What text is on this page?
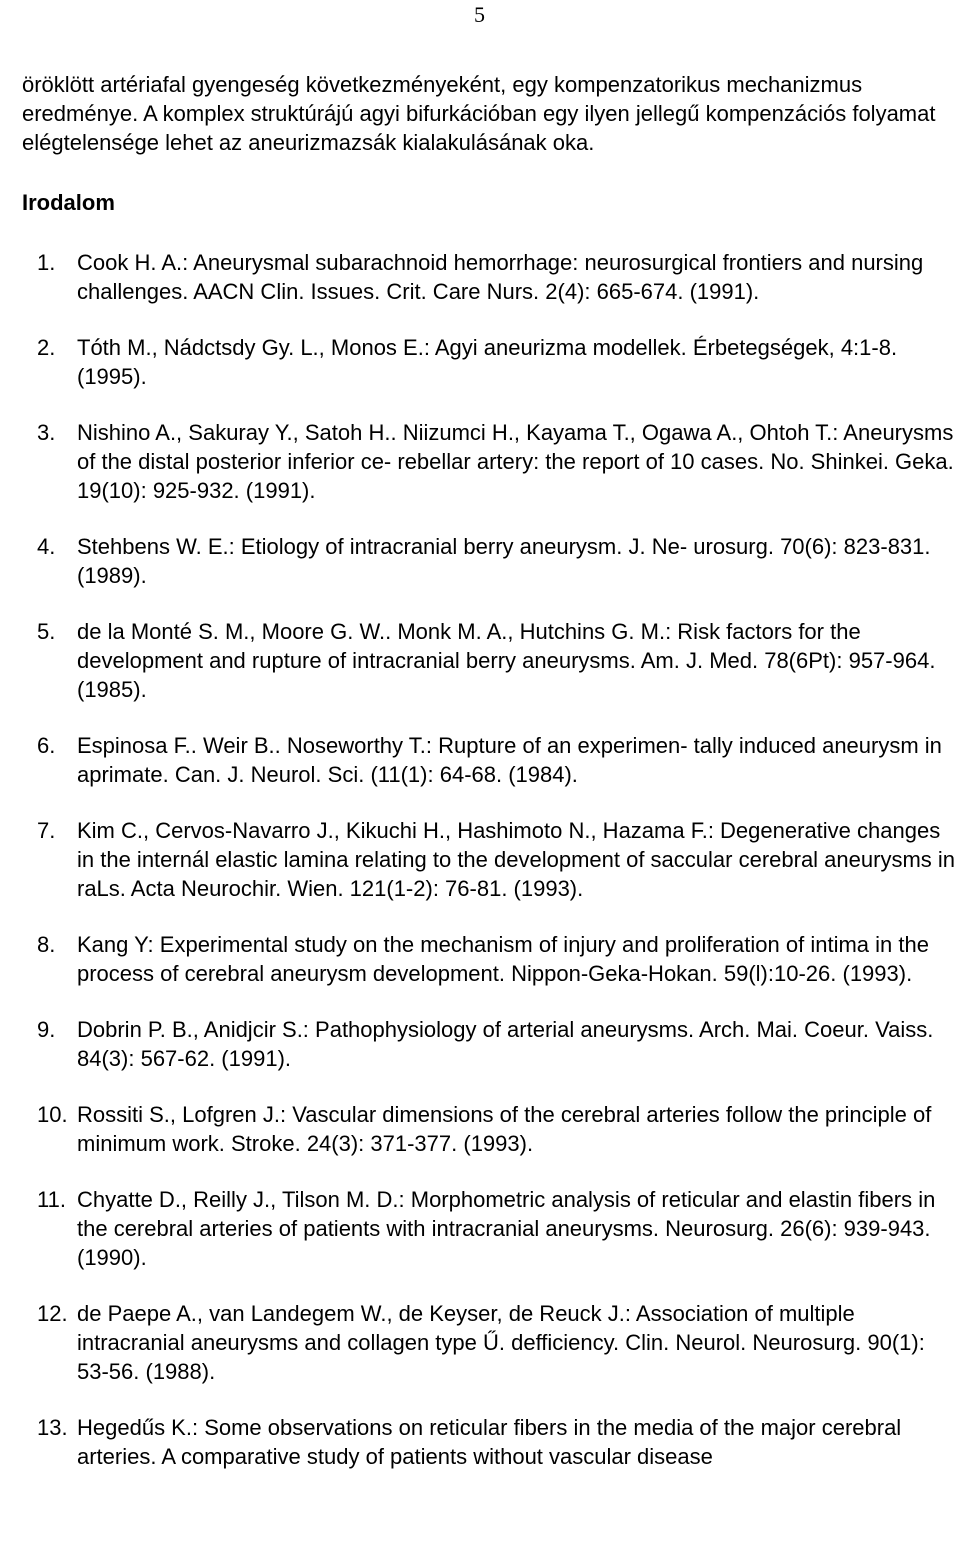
5

öröklött artériafal gyengeség következményeként, egy kompenzatorikus mechanizmus eredménye. A komplex struktúrájú agyi bifurkációban egy ilyen jellegű kompenzációs folyamat elégtelensége lehet az aneurizmazsák kialakulásának oka.

Irodalom
1. Cook H. A.: Aneurysmal subarachnoid hemorrhage: neurosurgical frontiers and nursing challenges. AACN Clin. Issues. Crit. Care Nurs. 2(4): 665-674. (1991).
2. Tóth M., Nádctsdy Gy. L., Monos E.: Agyi aneurizma modellek. Érbetegségek, 4:1-8. (1995).
3. Nishino A., Sakuray Y., Satoh H.. Niizumci H., Kayama T., Ogawa A., Ohtoh T.: Aneurysms of the distal posterior inferior ce- rebellar artery: the report of 10 cases. No. Shinkei. Geka. 19(10): 925-932. (1991).
4. Stehbens W. E.: Etiology of intracranial berry aneurysm. J. Ne- urosurg. 70(6): 823-831. (1989).
5. de la Monté S. M., Moore G. W.. Monk M. A., Hutchins G. M.: Risk factors for the development and rupture of intracranial berry aneurysms. Am. J. Med. 78(6Pt): 957-964. (1985).
6. Espinosa F.. Weir B.. Noseworthy T.: Rupture of an experimen- tally induced aneurysm in aprimate. Can. J. Neurol. Sci. (11(1): 64-68. (1984).
7. Kim C., Cervos-Navarro J., Kikuchi H., Hashimoto N., Hazama F.: Degenerative changes in the internál elastic lamina relating to the development of saccular cerebral aneurysms in raLs. Acta Neurochir. Wien. 121(1-2): 76-81. (1993).
8. Kang Y: Experimental study on the mechanism of injury and proliferation of intima in the process of cerebral aneurysm development. Nippon-Geka-Hokan. 59(l):10-26. (1993).
9. Dobrin P. B., Anidjcir S.: Pathophysiology of arterial aneurysms. Arch. Mai. Coeur. Vaiss. 84(3): 567-62. (1991).
10. Rossiti S., Lofgren J.: Vascular dimensions of the cerebral arteries follow the principle of minimum work. Stroke. 24(3): 371-377. (1993).
11. Chyatte D., Reilly J., Tilson M. D.: Morphometric analysis of reticular and elastin fibers in the cerebral arteries of patients with intracranial aneurysms. Neurosurg. 26(6): 939-943. (1990).
12. de Paepe A., van Landegem W., de Keyser, de Reuck J.: Association of multiple intracranial aneurysms and collagen type Ű. defficiency. Clin. Neurol. Neurosurg. 90(1): 53-56. (1988).
13. Hegedűs K.: Some observations on reticular fibers in the media of the major cerebral arteries. A comparative study of patients without vascular disease
